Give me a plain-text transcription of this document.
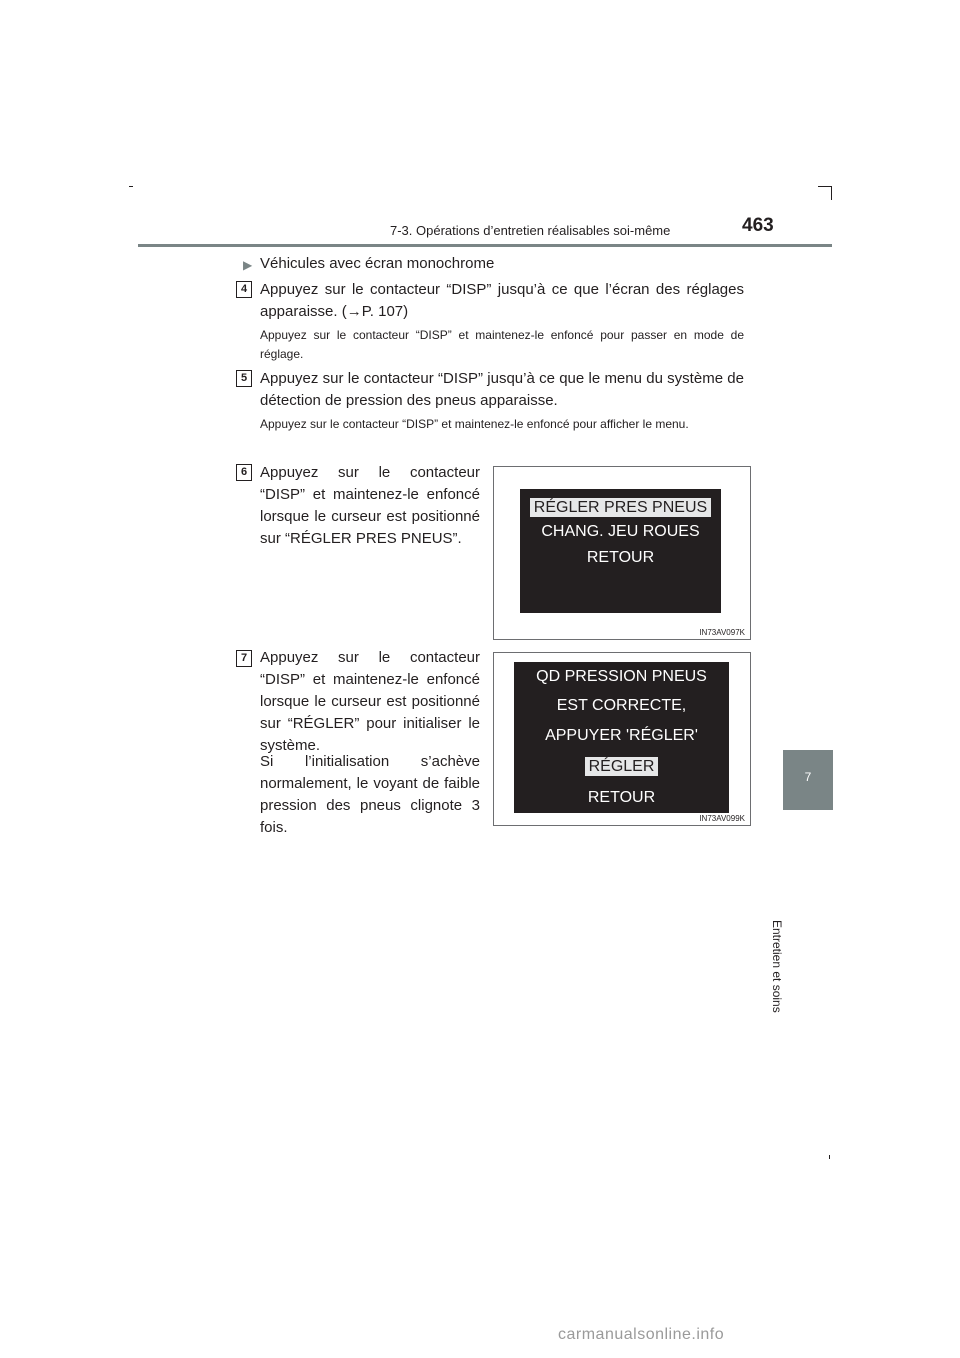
7-3. Opérations d’entretien réalisables soi-même	463
7
Entretien et soins
▶ Véhicules avec écran monochrome
4 Appuyez sur le contacteur “DISP” jusqu’à ce que l’écran des réglages apparaisse. (→P. 107)
Appuyez sur le contacteur “DISP” et maintenez-le enfoncé pour passer en mode de réglage.
5 Appuyez sur le contacteur “DISP” jusqu’à ce que le menu du système de détection de pression des pneus apparaisse.
Appuyez sur le contacteur “DISP” et maintenez-le enfoncé pour afficher le menu.
6 Appuyez sur le contacteur “DISP” et maintenez-le enfoncé lorsque le curseur est positionné sur “RÉGLER PRES PNEUS”.
RÉGLER PRES PNEUS
CHANG. JEU ROUES
RETOUR
IN73AV097K
7 Appuyez sur le contacteur “DISP” et maintenez-le enfoncé lorsque le curseur est positionné sur “RÉGLER” pour initialiser le système.
Si l’initialisation s’achève normalement, le voyant de faible pression des pneus clignote 3 fois.
QD PRESSION PNEUS
EST CORRECTE,
APPUYER 'RÉGLER'
RÉGLER
RETOUR
IN73AV099K
carmanualsonline.info
